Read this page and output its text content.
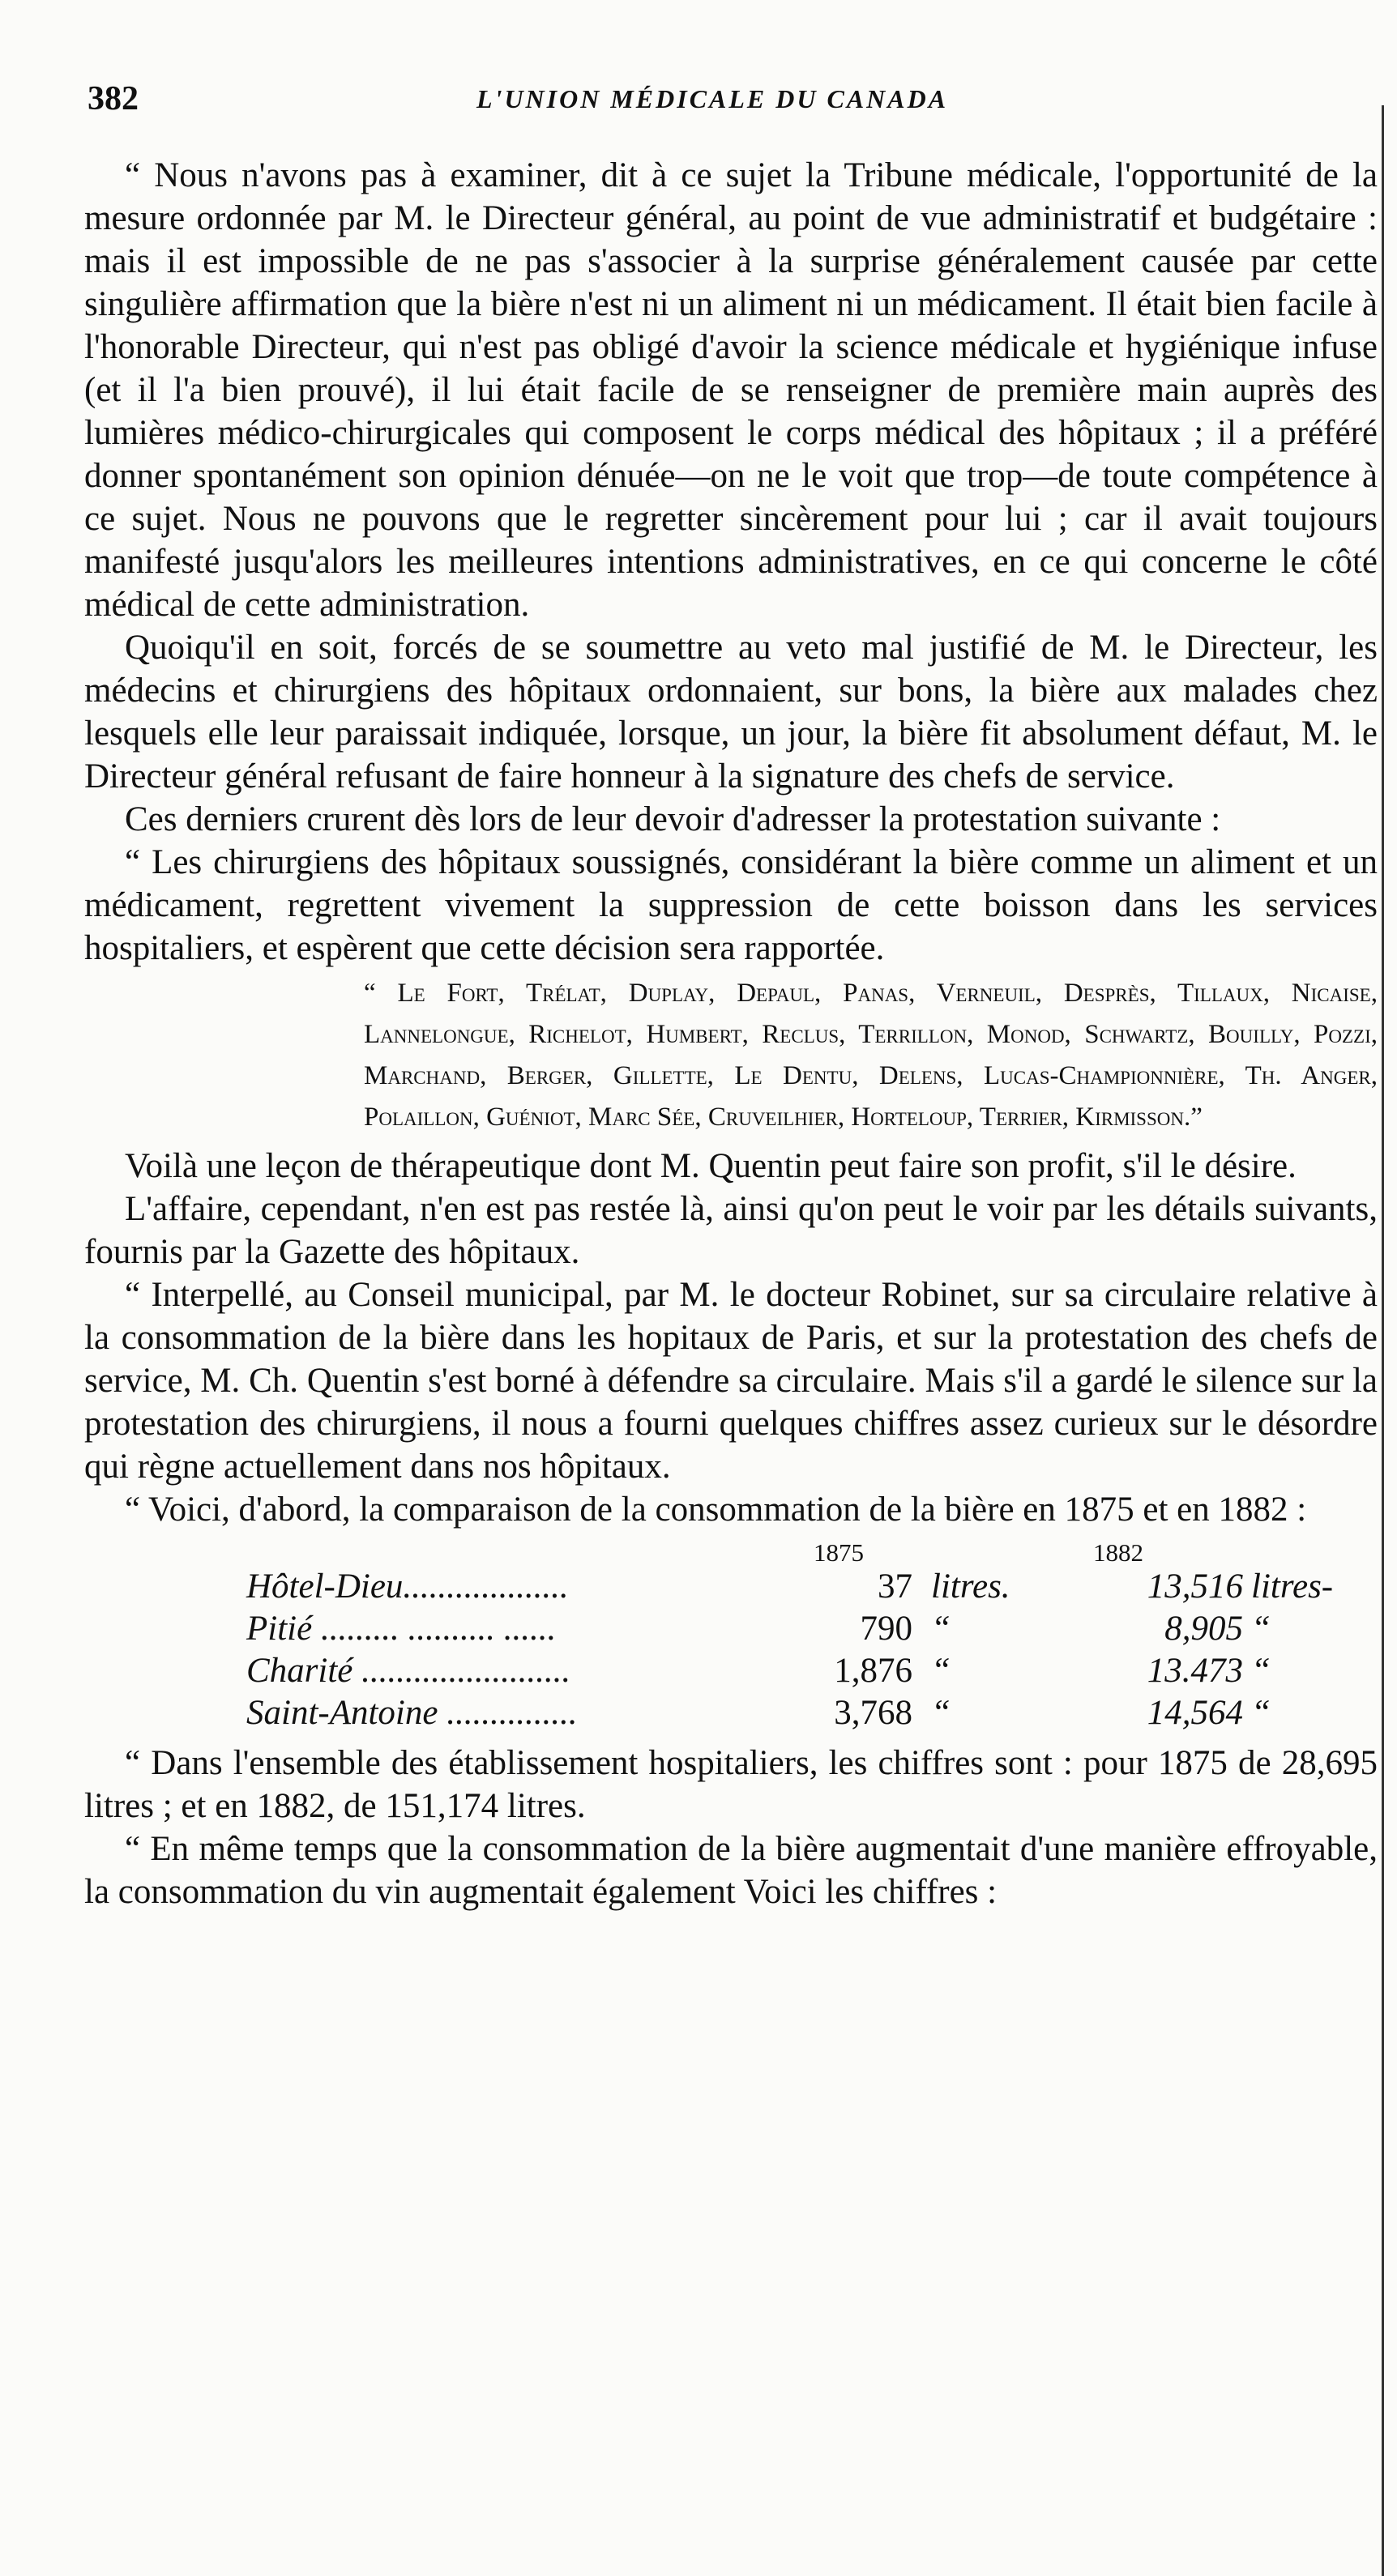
382	L'UNION MÉDICALE DU CANADA

“ Nous n'avons pas à examiner, dit à ce sujet la Tribune médicale, l'opportunité de la mesure ordonnée par M. le Directeur général, au point de vue administratif et budgétaire : mais il est impossible de ne pas s'associer à la surprise généralement causée par cette singulière affirmation que la bière n'est ni un aliment ni un médicament. Il était bien facile à l'honorable Directeur, qui n'est pas obligé d'avoir la science médicale et hygiénique infuse (et il l'a bien prouvé), il lui était facile de se renseigner de première main auprès des lumières médico-chirurgicales qui composent le corps médical des hôpitaux ; il a préféré donner spontanément son opinion dénuée—on ne le voit que trop—de toute compétence à ce sujet. Nous ne pouvons que le regretter sincèrement pour lui ; car il avait toujours manifesté jusqu'alors les meilleures intentions administratives, en ce qui concerne le côté médical de cette administration.

Quoiqu'il en soit, forcés de se soumettre au veto mal justifié de M. le Directeur, les médecins et chirurgiens des hôpitaux ordonnaient, sur bons, la bière aux malades chez lesquels elle leur paraissait indiquée, lorsque, un jour, la bière fit absolument défaut, M. le Directeur général refusant de faire honneur à la signature des chefs de service.

Ces derniers crurent dès lors de leur devoir d'adresser la protestation suivante :

“ Les chirurgiens des hôpitaux soussignés, considérant la bière comme un aliment et un médicament, regrettent vivement la suppression de cette boisson dans les services hospitaliers, et espèrent que cette décision sera rapportée.

“ Le Fort, Trélat, Duplay, Depaul, Panas, Verneuil, Desprès, Tillaux, Nicaise, Lannelongue, Richelot, Humbert, Reclus, Terrillon, Monod, Schwartz, Bouilly, Pozzi, Marchand, Berger, Gillette, Le Dentu, Delens, Lucas-Championnière, Th. Anger, Polaillon, Guéniot, Marc Sée, Cruveilhier, Horteloup, Terrier, Kirmisson.”

Voilà une leçon de thérapeutique dont M. Quentin peut faire son profit, s'il le désire.

L'affaire, cependant, n'en est pas restée là, ainsi qu'on peut le voir par les détails suivants, fournis par la Gazette des hôpitaux.

“ Interpellé, au Conseil municipal, par M. le docteur Robinet, sur sa circulaire relative à la consommation de la bière dans les hopitaux de Paris, et sur la protestation des chefs de service, M. Ch. Quentin s'est borné à défendre sa circulaire. Mais s'il a gardé le silence sur la protestation des chirurgiens, il nous a fourni quelques chiffres assez curieux sur le désordre qui règne actuellement dans nos hôpitaux.

“ Voici, d'abord, la comparaison de la consommation de la bière en 1875 et en 1882 :

1875	1882
Hôtel-Dieu...................	37 litres.	13,516 litres-
Pitié ......... .......... ......	790 “	8,905 “
Charité ........................	1,876 “	13.473 “
Saint-Antoine ...............	3,768 “	14,564 “

“ Dans l'ensemble des établissement hospitaliers, les chiffres sont : pour 1875 de 28,695 litres ; et en 1882, de 151,174 litres.

“ En même temps que la consommation de la bière augmentait d'une manière effroyable, la consommation du vin augmentait également Voici les chiffres :
